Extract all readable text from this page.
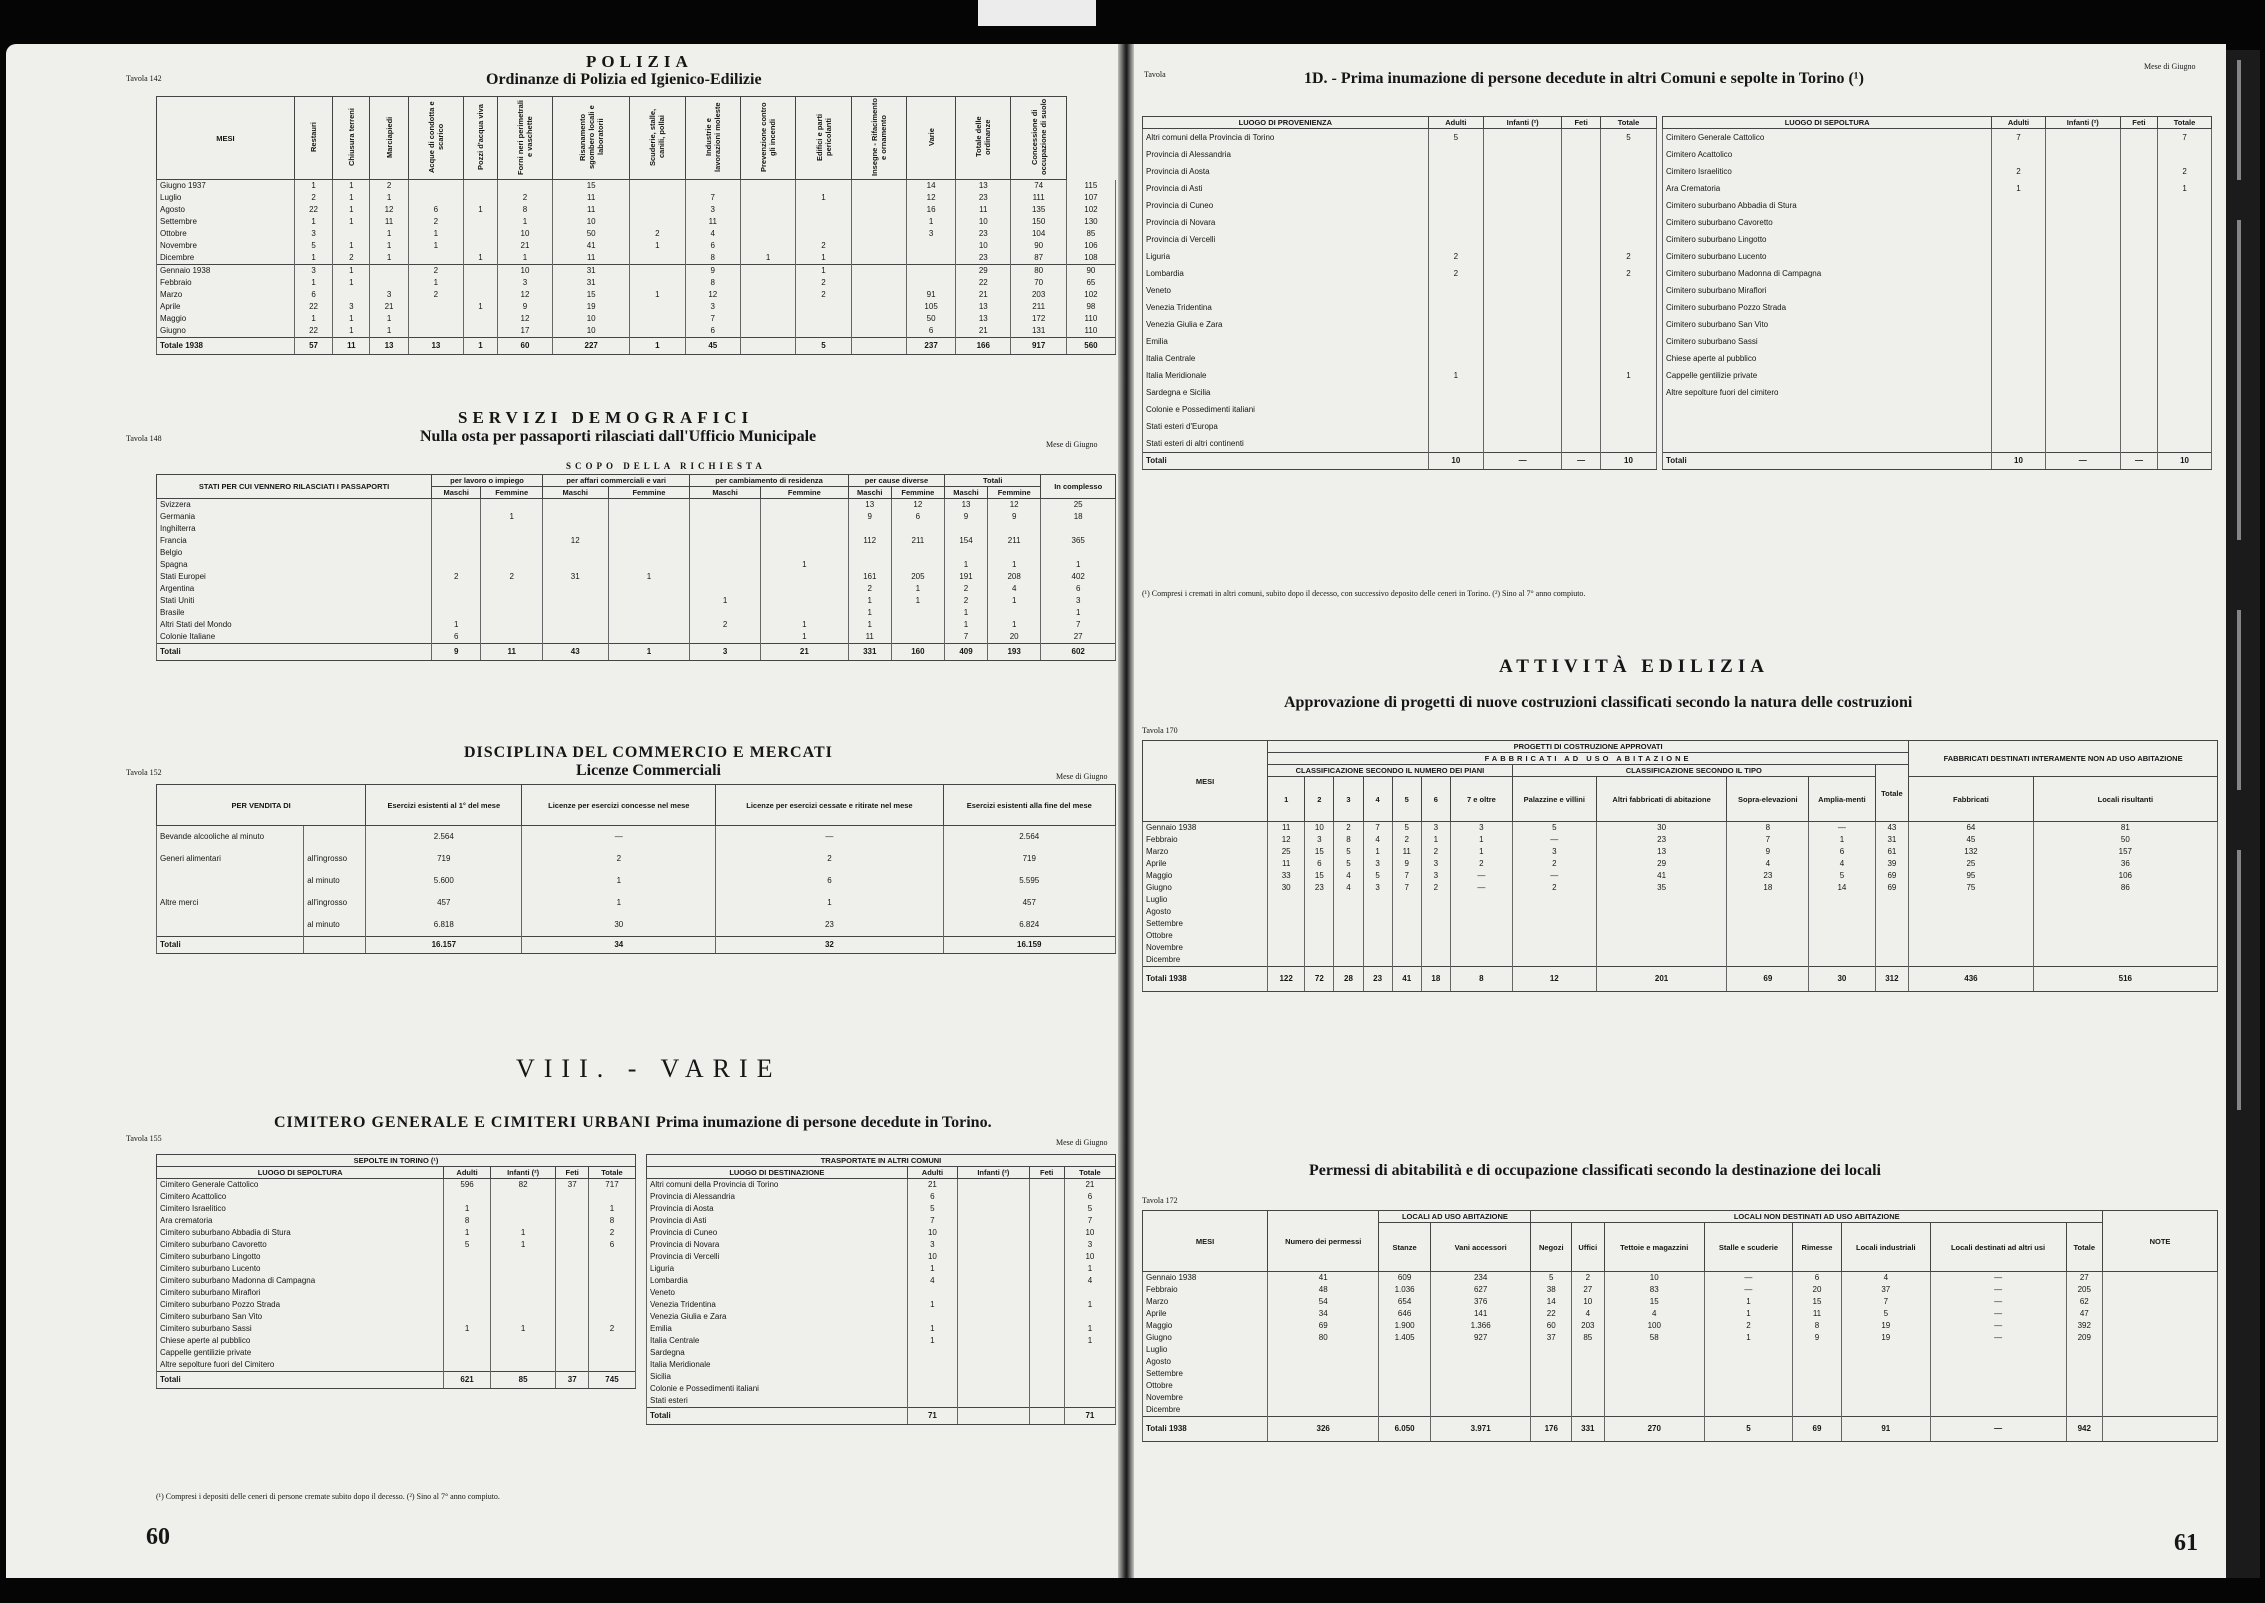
Tavola 142
POLIZIA
Ordinanze di Polizia ed Igienico-Edilizie
MESI	Restauri	Chiusura terreni	Marciapiedi	Acque di condotta e scarico	Pozzi d'acqua viva	Forni neri perimetrali e vaschette	Risanamento sgombero locali e laboratorii	Scuderie, stalle, canili, pollai	Industrie e lavorazioni moleste	Prevenzione contro gli incendi	Edifici e parti pericolanti	Insegne - Rifacimento e ornamento	Varie	Totale delle ordinanze	Concessione di occupazione di suolo	
Giugno 1937	1	1	2				15						14	13	74	115
Luglio	2	1	1			2	11		7		1		12	23	111	107
Agosto	22	1	12	6	1	8	11		3				16	11	135	102
Settembre	1	1	11	2		1	10		11				1	10	150	130
Ottobre	3		1	1		10	50	2	4				3	23	104	85
Novembre	5	1	1	1		21	41	1	6		2			10	90	106
Dicembre	1	2	1		1	1	11		8	1	1			23	87	108
Gennaio 1938	3	1		2		10	31		9		1			29	80	90
Febbraio	1	1		1		3	31		8		2			22	70	65
Marzo	6		3	2		12	15	1	12		2		91	21	203	102
Aprile	22	3	21		1	9	19		3				105	13	211	98
Maggio	1	1	1			12	10		7				50	13	172	110
Giugno	22	1	1			17	10		6				6	21	131	110
Totale 1938	57	11	13	13	1	60	227	1	45		5		237	166	917	560
SERVIZI DEMOGRAFICI
Tavola 148	Nulla osta per passaporti rilasciati dall'Ufficio Municipale	Mese di Giugno
SCOPO DELLA RICHIESTA
STATI PER CUI VENNERO RILASCIATI I PASSAPORTI	per lavoro o impiego		per affari commerciali e vari		per cambiamento di residenza		per cause diverse		Totali		In complesso
	Maschi	Femmine	Maschi	Femmine	Maschi	Femmine	Maschi	Femmine	Maschi	Femmine	
Svizzera							13	12	13	12	25
Germania		1					9	6	9	9	18
Inghilterra											
Francia			12				112	211	154	211	365
Belgio											
Spagna						1			1	1	1
Stati Europei	2	2	31	1			161	205	191	208	402
Argentina							2	1	2	4	6
Stati Uniti					1		1	1	2	1	3
Brasile							1		1		1
Altri Stati del Mondo	1				2	1	1		1	1	7
Colonie Italiane	6					1	11		7	20	27
Totali	9	11	43	1	3	21	331	160	409	193	602
DISCIPLINA DEL COMMERCIO E MERCATI
Licenze Commerciali
Tavola 152	Mese di Giugno
PER VENDITA DI		Esercizi esistenti al 1° del mese	Licenze per esercizi concesse nel mese	Licenze per esercizi cessate e ritirate nel mese	Esercizi esistenti alla fine del mese
Bevande alcooliche al minuto		2.564	—	—	2.564
Generi alimentari	all'ingrosso	719	2	2	719
	al minuto	5.600	1	6	5.595
Altre merci	all'ingrosso	457	1	1	457
	al minuto	6.818	30	23	6.824
Totali		16.157	34	32	16.159
VIII. - VARIE
CIMITERO GENERALE E CIMITERI URBANI Prima inumazione di persone decedute in Torino.
Tavola 155	Mese di Giugno
SEPOLTE IN TORINO (¹)				
LUOGO DI SEPOLTURA	Adulti	Infanti (²)	Feti	Totale
Cimitero Generale Cattolico	596	82	37	717
Cimitero Acattolico				
Cimitero Israelitico	1			1
Ara crematoria	8			8
Cimitero suburbano Abbadia di Stura	1	1		2
Cimitero suburbano Cavoretto	5	1		6
Cimitero suburbano Lingotto				
Cimitero suburbano Lucento				
Cimitero suburbano Madonna di Campagna				
Cimitero suburbano Miraflori				
Cimitero suburbano Pozzo Strada				
Cimitero suburbano San Vito				
Cimitero suburbano Sassi	1	1		2
Chiese aperte al pubblico				
Cappelle gentilizie private				
Altre sepolture fuori del Cimitero				
Totali	621	85	37	745
TRASPORTATE IN ALTRI COMUNI				
LUOGO DI DESTINAZIONE	Adulti	Infanti (²)	Feti	Totale
Altri comuni della Provincia di Torino	21			21
Provincia di Alessandria	6			6
Provincia di Aosta	5			5
Provincia di Asti	7			7
Provincia di Cuneo	10			10
Provincia di Novara	3			3
Provincia di Vercelli	10			10
Liguria	1			1
Lombardia	4			4
Veneto				
Venezia Tridentina	1			1
Venezia Giulia e Zara				
Emilia	1			1
Italia Centrale	1			1
Sardegna				
Italia Meridionale				
Sicilia				
Colonie e Possedimenti italiani				
Stati esteri				
Totali	71			71
(¹) Compresi i depositi delle ceneri di persone cremate subito dopo il decesso. (²) Sino al 7° anno compiuto.
60
Tavola	1D. - Prima inumazione di persone decedute in altri Comuni e sepolte in Torino (¹)
Mese di Giugno
LUOGO DI PROVENIENZA	Adulti	Infanti (²)	Feti	Totale
Altri comuni della Provincia di Torino	5			5
Provincia di Alessandria				
Provincia di Aosta				
Provincia di Asti				
Provincia di Cuneo				
Provincia di Novara				
Provincia di Vercelli				
Liguria	2			2
Lombardia	2			2
Veneto				
Venezia Tridentina				
Venezia Giulia e Zara				
Emilia				
Italia Centrale				
Italia Meridionale	1			1
Sardegna e Sicilia				
Colonie e Possedimenti italiani				
Stati esteri d'Europa				
Stati esteri di altri continenti				
Totali	10	—	—	10
LUOGO DI SEPOLTURA	Adulti	Infanti (²)	Feti	Totale
Cimitero Generale Cattolico	7			7
Cimitero Acattolico				
Cimitero Israelitico	2			2
Ara Crematoria	1			1
Cimitero suburbano Abbadia di Stura				
Cimitero suburbano Cavoretto				
Cimitero suburbano Lingotto				
Cimitero suburbano Lucento				
Cimitero suburbano Madonna di Campagna				
Cimitero suburbano Miraflori				
Cimitero suburbano Pozzo Strada				
Cimitero suburbano San Vito				
Cimitero suburbano Sassi				
Chiese aperte al pubblico				
Cappelle gentilizie private				
Altre sepolture fuori del cimitero				

Totali	10	—	—	10
(¹) Compresi i cremati in altri comuni, subito dopo il decesso, con successivo deposito delle ceneri in Torino. (²) Sino al 7° anno compiuto.
ATTIVITÀ EDILIZIA
Approvazione di progetti di nuove costruzioni classificati secondo la natura delle costruzioni
Tavola 170
MESI	PROGETTI DI COSTRUZIONE APPROVATI												FABBRICATI DESTINATI INTERAMENTE NON AD USO ABITAZIONE	
	FABBRICATI AD USO ABITAZIONE													
	CLASSIFICAZIONE SECONDO IL NUMERO DEI PIANI							CLASSIFICAZIONE SECONDO IL TIPO				Totale		
	1	2	3	4	5	6	7 e oltre	Palazzine e villini	Altri fabbricati di abitazione	Sopra-elevazioni	Amplia-menti		Fabbricati	Locali risultanti
Gennaio 1938	11	10	2	7	5	3	3	5	30	8	—	43	64	81
Febbraio	12	3	8	4	2	1	1	—	23	7	1	31	45	50
Marzo	25	15	5	1	11	2	1	3	13	9	6	61	132	157
Aprile	11	6	5	3	9	3	2	2	29	4	4	39	25	36
Maggio	33	15	4	5	7	3	—	—	41	23	5	69	95	106
Giugno	30	23	4	3	7	2	—	2	35	18	14	69	75	86
Luglio														
Agosto														
Settembre														
Ottobre														
Novembre														
Dicembre														
Totali 1938	122	72	28	23	41	18	8	12	201	69	30	312	436	516
Permessi di abitabilità e di occupazione classificati secondo la destinazione dei locali
Tavola 172
MESI	Numero dei permessi	LOCALI AD USO ABITAZIONE		LOCALI NON DESTINATI AD USO ABITAZIONE								NOTE
		Stanze	Vani accessori	Negozi	Uffici	Tettoie e magazzini	Stalle e scuderie	Rimesse	Locali industriali	Locali destinati ad altri usi	Totale	
Gennaio 1938	41	609	234	5	2	10	—	6	4	—	27	
Febbraio	48	1.036	627	38	27	83	—	20	37	—	205	
Marzo	54	654	376	14	10	15	1	15	7	—	62	
Aprile	34	646	141	22	4	4	1	11	5	—	47	
Maggio	69	1.900	1.366	60	203	100	2	8	19	—	392	
Giugno	80	1.405	927	37	85	58	1	9	19	—	209	
Luglio												
Agosto												
Settembre												
Ottobre												
Novembre												
Dicembre												
Totali 1938	326	6.050	3.971	176	331	270	5	69	91	—	942	
61
